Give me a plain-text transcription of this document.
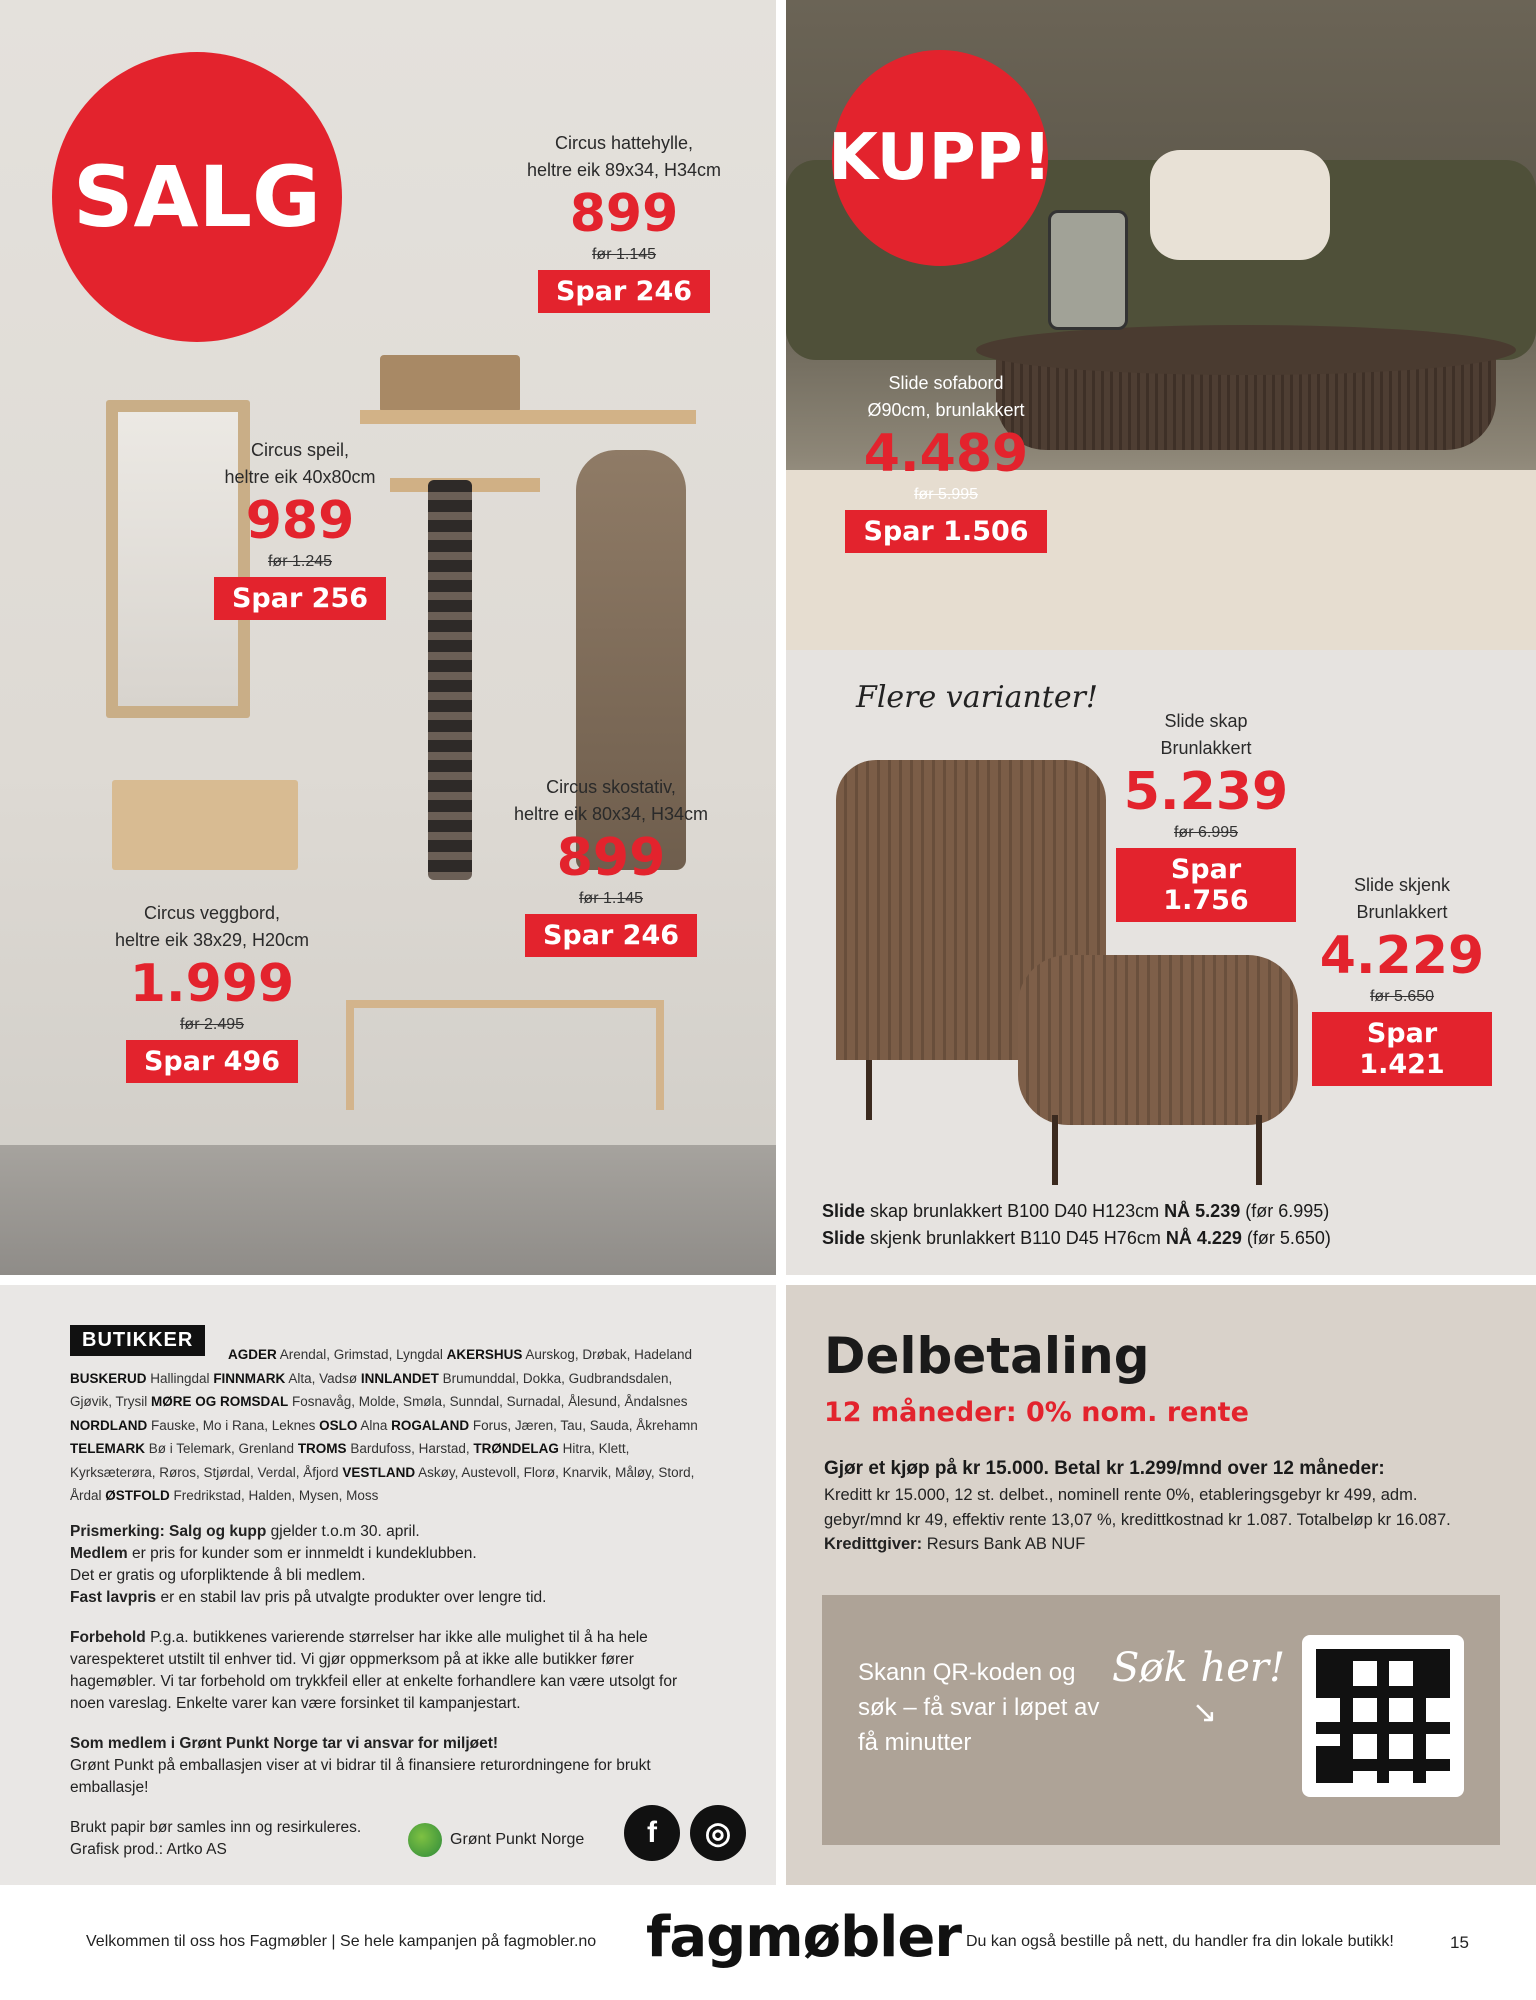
SALG
Circus hattehylle,
heltre eik 89x34, H34cm
899
før 1.145
Spar 246
Circus speil,
heltre eik 40x80cm
989
før 1.245
Spar 256
Circus skostativ,
heltre eik 80x34, H34cm
899
før 1.145
Spar 246
Circus veggbord,
heltre eik 38x29, H20cm
1.999
før 2.495
Spar 496
KUPP!
Slide sofabord
Ø90cm, brunlakkert
4.489
før 5.995
Spar 1.506
Flere varianter!
Slide skap
Brunlakkert
5.239
før 6.995
Spar 1.756	Slide skjenk
Brunlakkert
4.229
før 5.650
Spar 1.421
Slide skap brunlakkert B100 D40 H123cm NÅ 5.239 (før 6.995)
Slide skjenk brunlakkert B110 D45 H76cm NÅ 4.229 (før 5.650)
AGDER Arendal, Grimstad, Lyngdal AKERSHUS Aurskog, Drøbak, Hadeland BUSKERUD Hallingdal FINNMARK Alta, Vadsø INNLANDET Brumunddal, Dokka, Gudbrandsdalen, Gjøvik, Trysil MØRE OG ROMSDAL Fosnavåg, Molde, Smøla, Sunndal, Surnadal, Ålesund, Åndalsnes NORDLAND Fauske, Mo i Rana, Leknes OSLO Alna ROGALAND Forus, Jæren, Tau, Sauda, Åkrehamn TELEMARK Bø i Telemark, Grenland TROMS Bardufoss, Harstad, TRØNDELAG Hitra, Klett, Kyrksæterøra, Røros, Stjørdal, Verdal, Åfjord VESTLAND Askøy, Austevoll, Florø, Knarvik, Måløy, Stord, Årdal ØSTFOLD Fredrikstad, Halden, Mysen, Moss
BUTIKKER
Prismerking: Salg og kupp gjelder t.o.m 30. april.
Medlem er pris for kunder som er innmeldt i kundeklubben.
Det er gratis og uforpliktende å bli medlem.
Fast lavpris er en stabil lav pris på utvalgte produkter over lengre tid.
Forbehold P.g.a. butikkenes varierende størrelser har ikke alle mulighet til å ha hele varespekteret utstilt til enhver tid. Vi gjør oppmerksom på at ikke alle butikker fører hagemøbler. Vi tar forbehold om trykkfeil eller at enkelte forhandlere kan være utsolgt for noen vareslag. Enkelte varer kan være forsinket til kampanjestart.
Som medlem i Grønt Punkt Norge tar vi ansvar for miljøet!
Grønt Punkt på emballasjen viser at vi bidrar til å finansiere returordningene for brukt emballasje!
Brukt papir bør samles inn og resirkuleres.
Grafisk prod.: Artko AS
Grønt Punkt Norge	f	◎
Delbetaling
12 måneder: 0% nom. rente
Gjør et kjøp på kr 15.000. Betal kr 1.299/mnd over 12 måneder:
Kreditt kr 15.000, 12 st. delbet., nominell rente 0%, etableringsgebyr kr 499, adm. gebyr/mnd kr 49, effektiv rente 13,07 %, kredittkostnad kr 1.087. Totalbeløp kr 16.087. Kredittgiver: Resurs Bank AB NUF
Skann QR-koden og søk – få svar i løpet av få minutter
Søk her!
↘
Velkommen til oss hos Fagmøbler | Se hele kampanjen på fagmobler.no fagmøbler Du kan også bestille på nett, du handler fra din lokale butikk!	15
